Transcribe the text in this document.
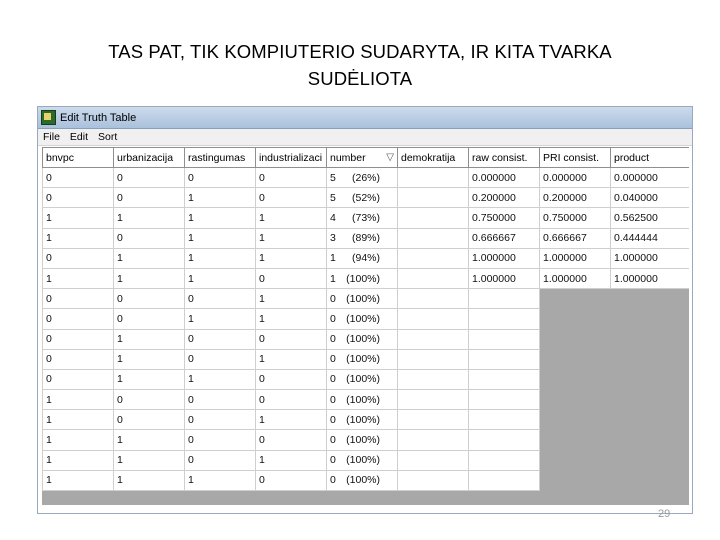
TAS PAT, TIK KOMPIUTERIO SUDARYTA, IR KITA TVARKA
SUDĖLIOTA
Edit Truth Table
File Edit Sort
bnvpc	urbanizacija	rastingumas	industrializaci	number ▽	demokratija	raw consist.	PRI consist.	product
0	0	0	0	5 (26%)		0.000000	0.000000	0.000000
0	0	1	0	5 (52%)		0.200000	0.200000	0.040000
1	1	1	1	4 (73%)		0.750000	0.750000	0.562500
1	0	1	1	3 (89%)		0.666667	0.666667	0.444444
0	1	1	1	1 (94%)		1.000000	1.000000	1.000000
1	1	1	0	1 (100%)		1.000000	1.000000	1.000000
0	0	0	1	0 (100%)				

0	0	1	1	0 (100%)				

0	1	0	0	0 (100%)				

0	1	0	1	0 (100%)				

0	1	1	0	0 (100%)				

1	0	0	0	0 (100%)				

1	0	0	1	0 (100%)				

1	1	0	0	0 (100%)				

1	1	0	1	0 (100%)				

1	1	1	0	0 (100%)				

29
